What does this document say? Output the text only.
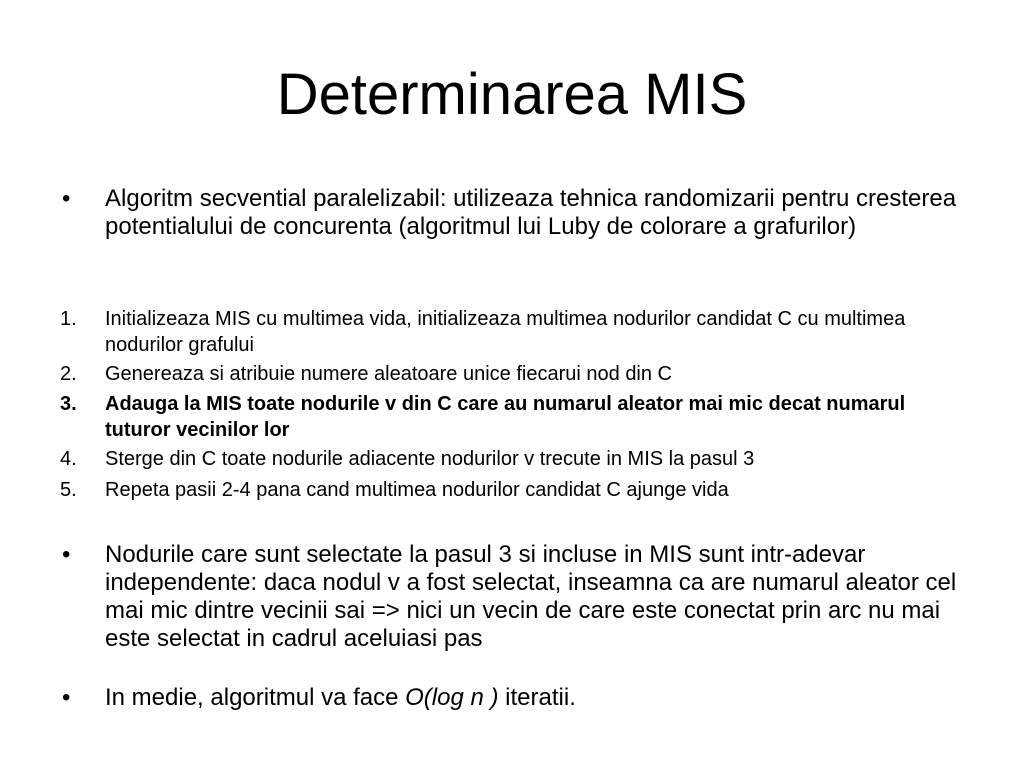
Determinarea MIS
• Algoritm secvential paralelizabil: utilizeaza tehnica randomizarii pentru cresterea potentialului de concurenta (algoritmul lui Luby de colorare a grafurilor)
1. Initializeaza MIS cu multimea vida, initializeaza multimea nodurilor candidat C cu multimea nodurilor grafului
2. Genereaza si atribuie numere aleatoare unice fiecarui nod din C
3. Adauga la MIS toate nodurile v din C care au numarul aleator mai mic decat numarul tuturor vecinilor lor
4. Sterge din C toate nodurile adiacente nodurilor v trecute in MIS la pasul 3
5. Repeta pasii 2-4 pana cand multimea nodurilor candidat C ajunge vida
• Nodurile care sunt selectate la pasul 3 si incluse in MIS sunt intr-adevar independente: daca nodul v a fost selectat, inseamna ca are numarul aleator cel mai mic dintre vecinii sai => nici un vecin de care este conectat prin arc nu mai este selectat in cadrul aceluiasi pas
• In medie, algoritmul va face O(log n ) iteratii.
